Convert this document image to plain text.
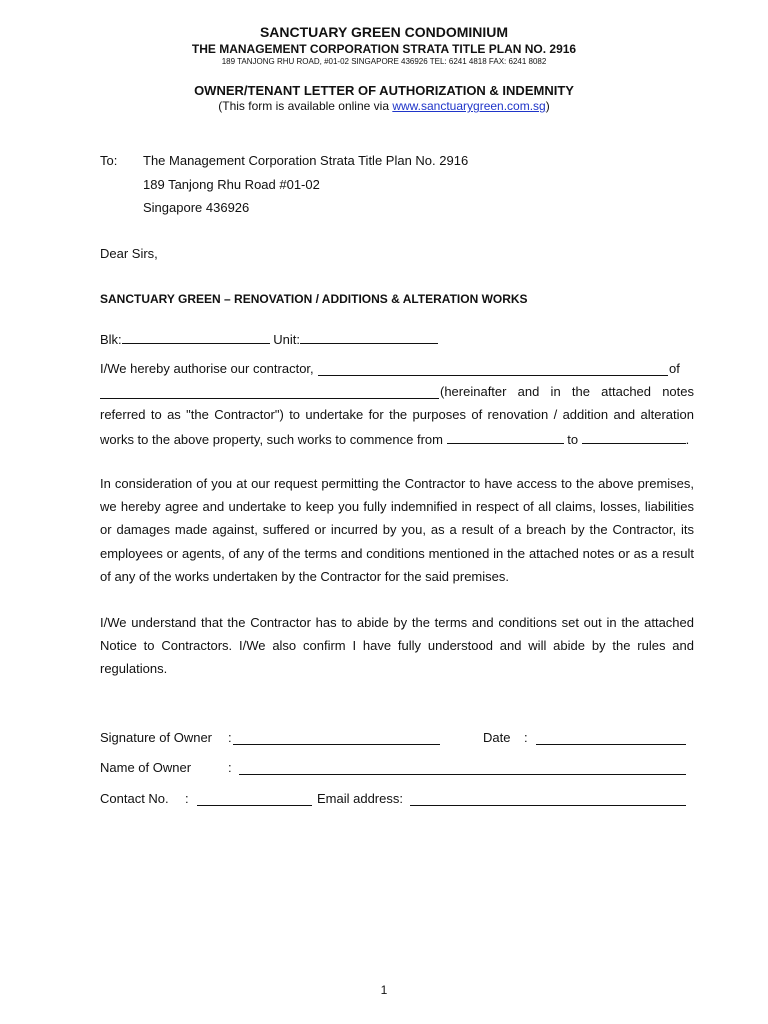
SANCTUARY GREEN CONDOMINIUM
THE MANAGEMENT CORPORATION STRATA TITLE PLAN NO. 2916
189 TANJONG RHU ROAD, #01-02 SINGAPORE 436926 TEL: 6241 4818 FAX: 6241 8082
OWNER/TENANT LETTER OF AUTHORIZATION & INDEMNITY
(This form is available online via www.sanctuarygreen.com.sg)
To: The Management Corporation Strata Title Plan No. 2916
189 Tanjong Rhu Road #01-02
Singapore 436926
Dear Sirs,
SANCTUARY GREEN – RENOVATION / ADDITIONS & ALTERATION WORKS
Blk:	Unit:
I/We hereby authorise our contractor,	of
(hereinafter and in the attached notes
referred to as "the Contractor") to undertake for the purposes of renovation / addition and alteration
works to the above property, such works to commence from	to	.
In consideration of you at our request permitting the Contractor to have access to the above premises, we hereby agree and undertake to keep you fully indemnified in respect of all claims, losses, liabilities or damages made against, suffered or incurred by you, as a result of a breach by the Contractor, its employees or agents, of any of the terms and conditions mentioned in the attached notes or as a result of any of the works undertaken by the Contractor for the said premises.
I/We understand that the Contractor has to abide by the terms and conditions set out in the attached Notice to Contractors. I/We also confirm I have fully understood and will abide by the rules and regulations.
Signature of Owner :	Date :
Name of Owner	:
Contact No. :	Email address:
1
